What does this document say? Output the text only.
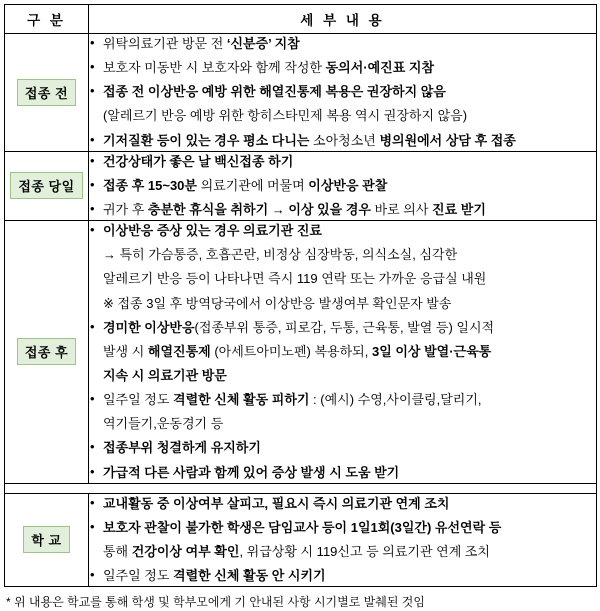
구 분	세 부 내 용
접종 전	
• 위탁의료기관 방문 전 ‘신분증’ 지참
• 보호자 미동반 시 보호자와 함께 작성한 동의서·예진표 지참
• 접종 전 이상반응 예방 위한 해열진통제 복용은 권장하지 않음
(알레르기 반응 예방 위한 항히스타민제 복용 역시 권장하지 않음)
• 기저질환 등이 있는 경우 평소 다니는 소아청소년 병의원에서 상담 후 접종

접종 당일	
• 건강상태가 좋은 날 백신접종 하기
• 접종 후 15~30분 의료기관에 머물며 이상반응 관찰
• 귀가 후 충분한 휴식을 취하기 → 이상 있을 경우 바로 의사 진료 받기

접종 후	
• 이상반응 증상 있는 경우 의료기관 진료
→ 특히 가슴통증, 호흡곤란, 비정상 심장박동, 의식소실, 심각한
알레르기 반응 등이 나타나면 즉시 119 연락 또는 가까운 응급실 내원
※ 접종 3일 후 방역당국에서 이상반응 발생여부 확인문자 발송
• 경미한 이상반응(접종부위 통증, 피로감, 두통, 근육통, 발열 등) 일시적
발생 시 해열진통제 (아세트아미노펜) 복용하되, 3일 이상 발열·근육통
지속 시 의료기관 방문
• 일주일 정도 격렬한 신체 활동 피하기 : (예시) 수영,사이클링,달리기,
역기들기,운동경기 등
• 접종부위 청결하게 유지하기
• 가급적 다른 사람과 함께 있어 증상 발생 시 도움 받기

학 교	
• 교내활동 중 이상여부 살피고, 필요시 즉시 의료기관 연계 조치
• 보호자 관찰이 불가한 학생은 담임교사 등이 1일1회(3일간) 유선연락 등
통해 건강이상 여부 확인, 위급상황 시 119신고 등 의료기관 연계 조치
• 일주일 정도 격렬한 신체 활동 안 시키기
* 위 내용은 학교를 통해 학생 및 학부모에게 기 안내된 사항 시기별로 발췌된 것임
